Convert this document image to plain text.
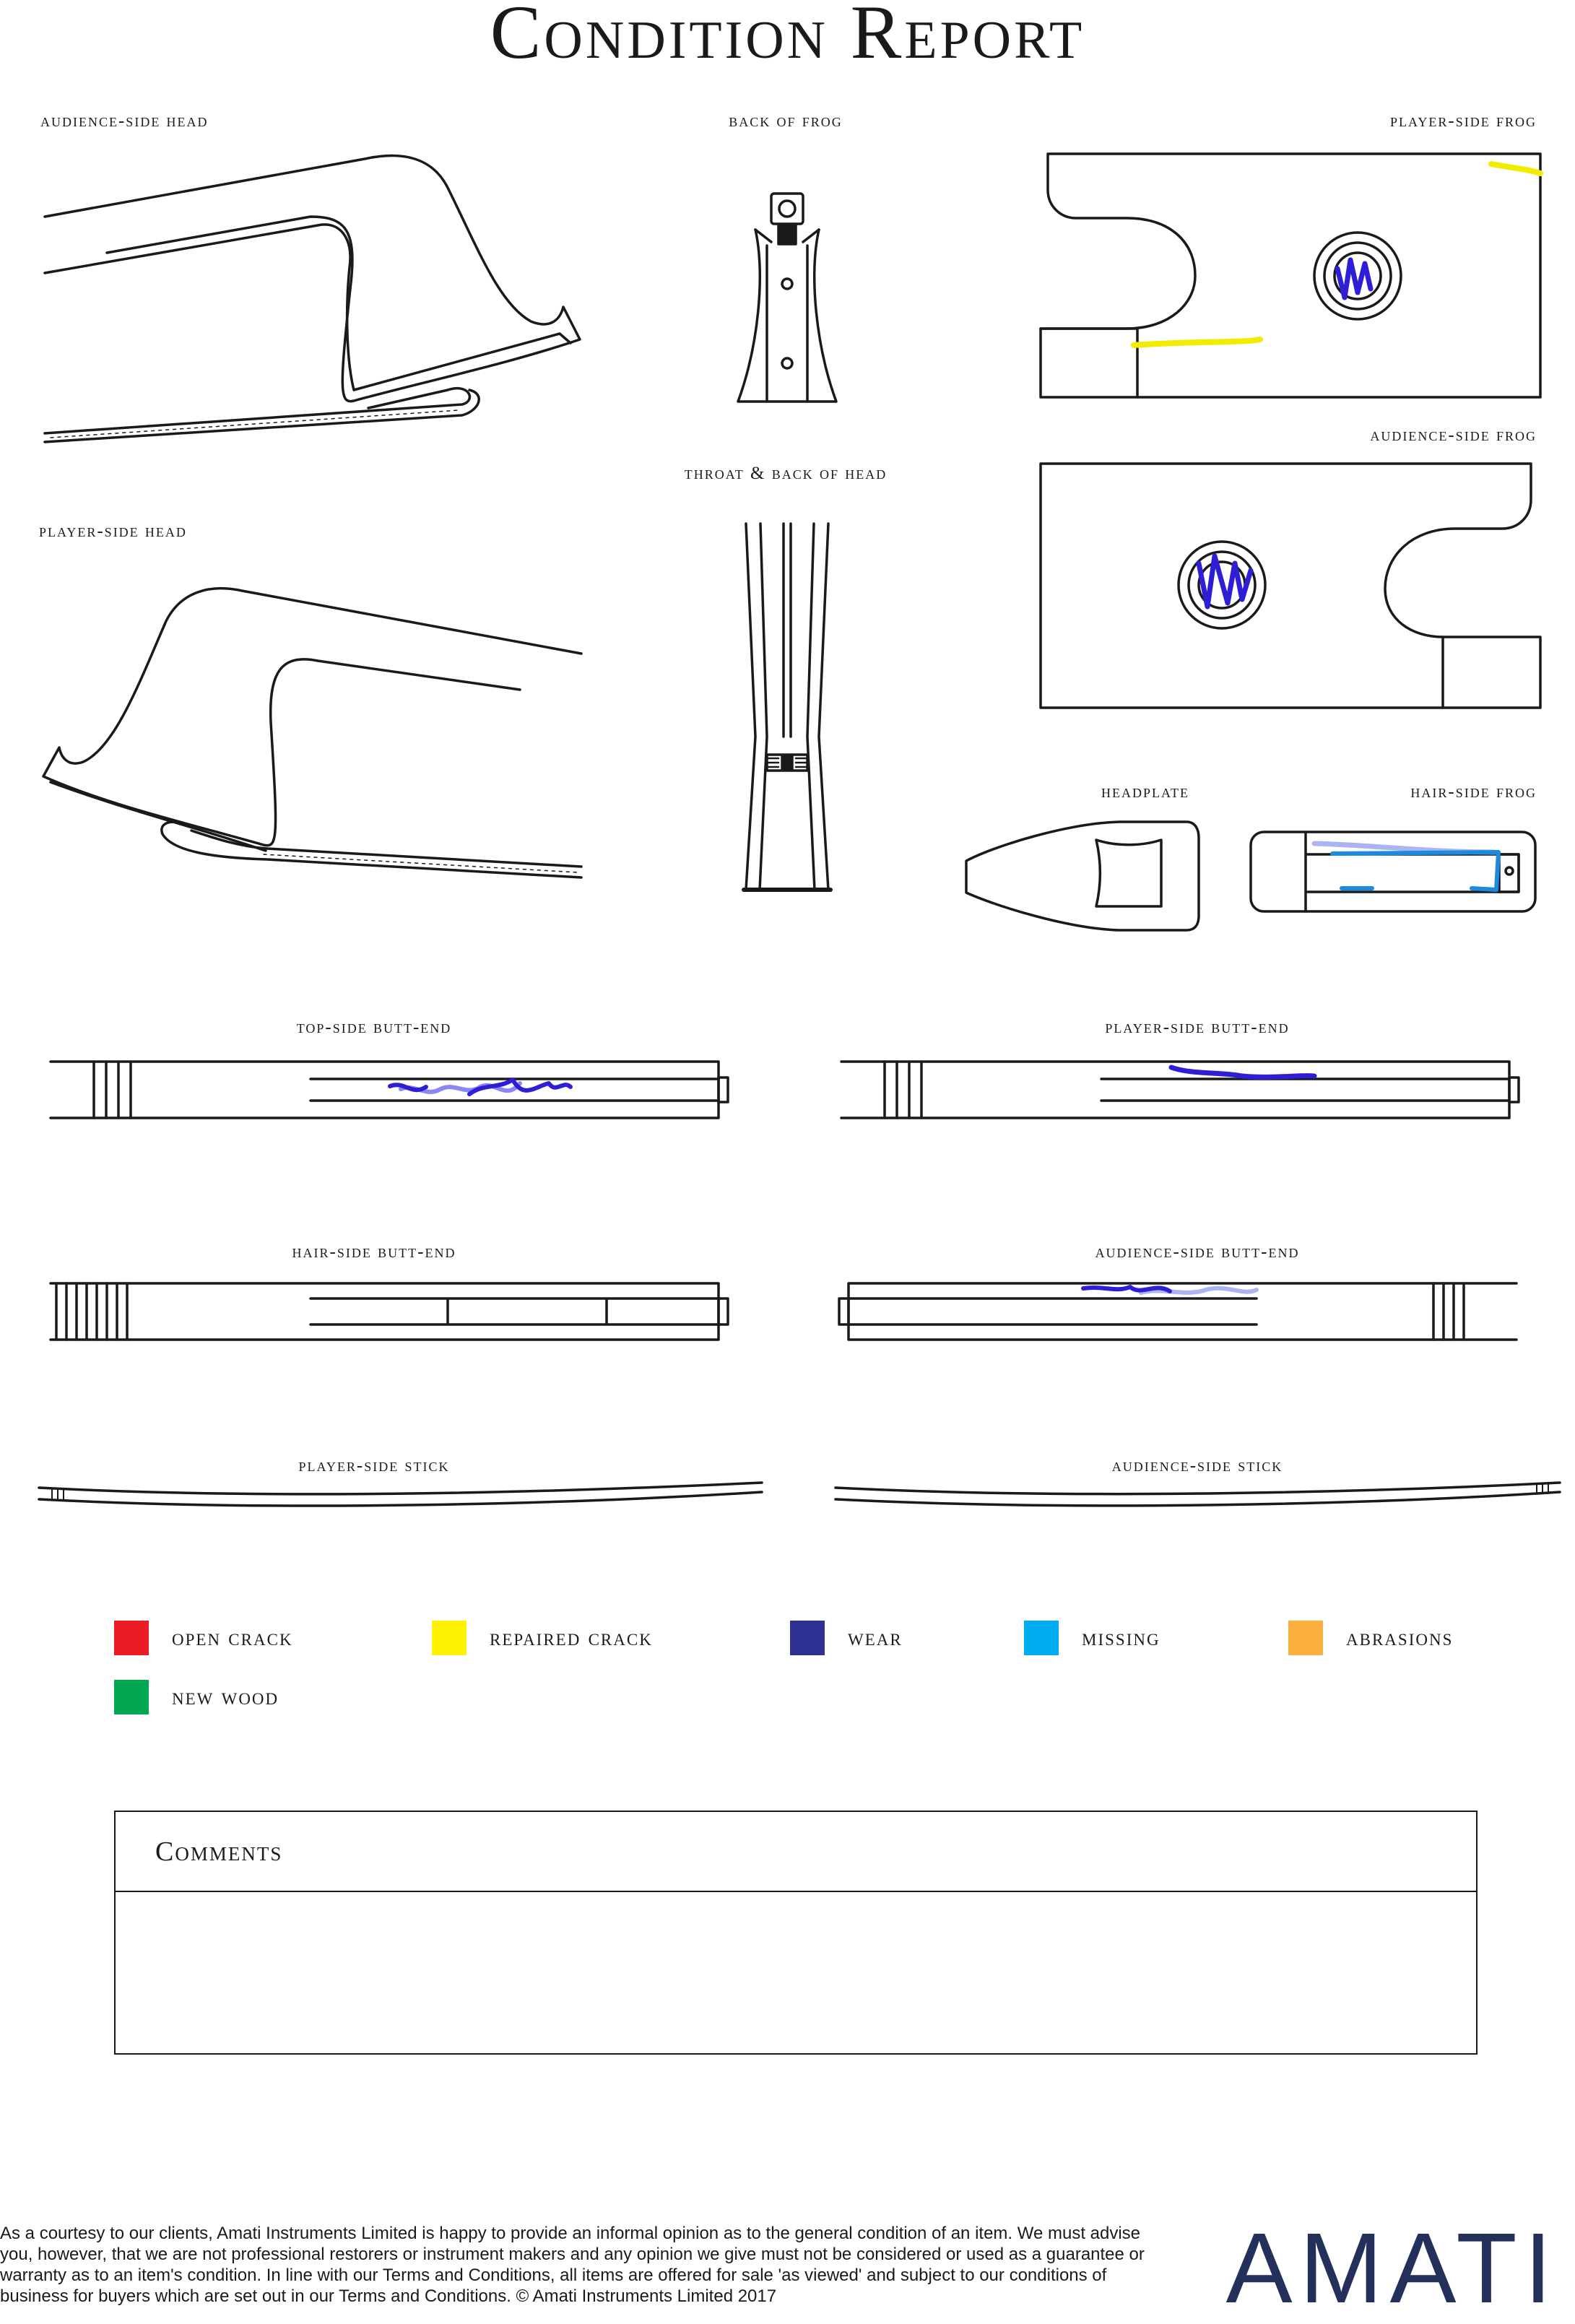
Condition Report
audience-side head	back of frog	player-side frog
audience-side frog
throat & back of head
player-side head
headplate	hair-side frog
top-side butt-end	player-side butt-end
hair-side butt-end	audience-side butt-end
player-side stick	audience-side stick
open crack	repaired crack	wear	missing	abrasions
new wood
Comments
As a courtesy to our clients, Amati Instruments Limited is happy to provide an informal opinion as to the general condition of an item. We must advise you, however, that we are not professional restorers or instrument makers and any opinion we give must not be considered or used as a guarantee or warranty as to an item's condition. In line with our Terms and Conditions, all items are offered for sale 'as viewed' and subject to our conditions of business for buyers which are set out in our Terms and Conditions. © Amati Instruments Limited 2017	AMATI
